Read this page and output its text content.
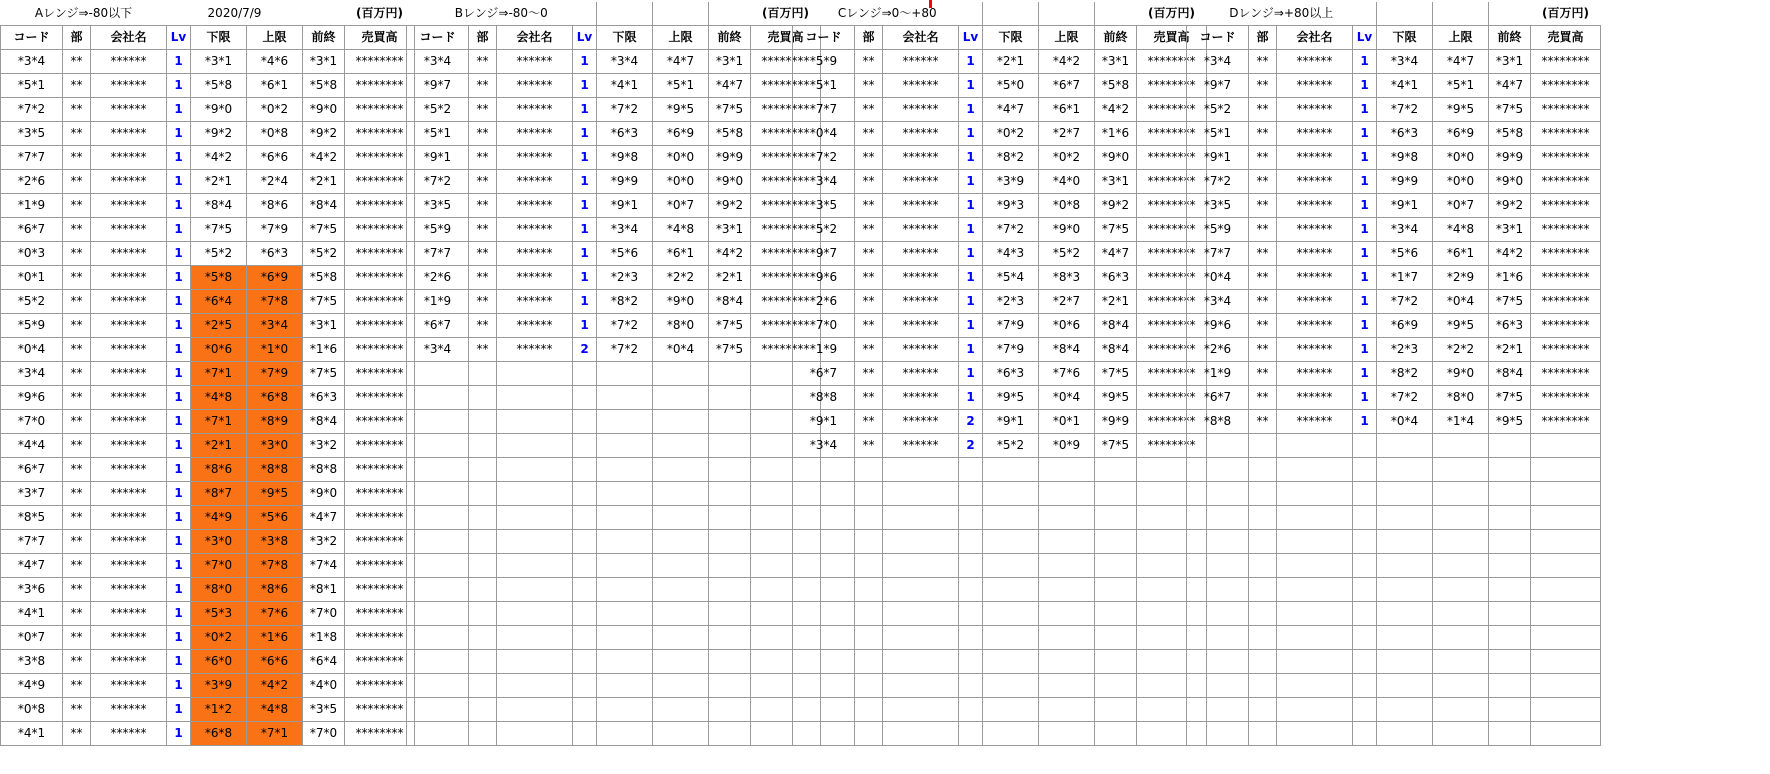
Aレンジ⇒-80以下			2020/7/9				(百万円)
コード	部	会社名	Lv	下限	上限	前終	売買高
*3*4	**	******	1	*3*1	*4*6	*3*1	********
*5*1	**	******	1	*5*8	*6*1	*5*8	********
*7*2	**	******	1	*9*0	*0*2	*9*0	********
*3*5	**	******	1	*9*2	*0*8	*9*2	********
*7*7	**	******	1	*4*2	*6*6	*4*2	********
*2*6	**	******	1	*2*1	*2*4	*2*1	********
*1*9	**	******	1	*8*4	*8*6	*8*4	********
*6*7	**	******	1	*7*5	*7*9	*7*5	********
*0*3	**	******	1	*5*2	*6*3	*5*2	********
*0*1	**	******	1	*5*8	*6*9	*5*8	********
*5*2	**	******	1	*6*4	*7*8	*7*5	********
*5*9	**	******	1	*2*5	*3*4	*3*1	********
*0*4	**	******	1	*0*6	*1*0	*1*6	********
*3*4	**	******	1	*7*1	*7*9	*7*5	********
*9*6	**	******	1	*4*8	*6*8	*6*3	********
*7*0	**	******	1	*7*1	*8*9	*8*4	********
*4*4	**	******	1	*2*1	*3*0	*3*2	********
*6*7	**	******	1	*8*6	*8*8	*8*8	********
*3*7	**	******	1	*8*7	*9*5	*9*0	********
*8*5	**	******	1	*4*9	*5*6	*4*7	********
*7*7	**	******	1	*3*0	*3*8	*3*2	********
*4*7	**	******	1	*7*0	*7*8	*7*4	********
*3*6	**	******	1	*8*0	*8*6	*8*1	********
*4*1	**	******	1	*5*3	*7*6	*7*0	********
*0*7	**	******	1	*0*2	*1*6	*1*8	********
*3*8	**	******	1	*6*0	*6*6	*6*4	********
*4*9	**	******	1	*3*9	*4*2	*4*0	********
*0*8	**	******	1	*1*2	*4*8	*3*5	********
*4*1	**	******	1	*6*8	*7*1	*7*0	********
Bレンジ⇒-80～0							(百万円)
コード	部	会社名	Lv	下限	上限	前終	売買高
*3*4	**	******	1	*3*4	*4*7	*3*1	********
*9*7	**	******	1	*4*1	*5*1	*4*7	********
*5*2	**	******	1	*7*2	*9*5	*7*5	********
*5*1	**	******	1	*6*3	*6*9	*5*8	********
*9*1	**	******	1	*9*8	*0*0	*9*9	********
*7*2	**	******	1	*9*9	*0*0	*9*0	********
*3*5	**	******	1	*9*1	*0*7	*9*2	********
*5*9	**	******	1	*3*4	*4*8	*3*1	********
*7*7	**	******	1	*5*6	*6*1	*4*2	********
*2*6	**	******	1	*2*3	*2*2	*2*1	********
*1*9	**	******	1	*8*2	*9*0	*8*4	********
*6*7	**	******	1	*7*2	*8*0	*7*5	********
*3*4	**	******	2	*7*2	*0*4	*7*5	********

Cレンジ⇒0～+80							(百万円)
コード	部	会社名	Lv	下限	上限	前終	売買高
*5*9	**	******	1	*2*1	*4*2	*3*1	********
*5*1	**	******	1	*5*0	*6*7	*5*8	********
*7*7	**	******	1	*4*7	*6*1	*4*2	********
*0*4	**	******	1	*0*2	*2*7	*1*6	********
*7*2	**	******	1	*8*2	*0*2	*9*0	********
*3*4	**	******	1	*3*9	*4*0	*3*1	********
*3*5	**	******	1	*9*3	*0*8	*9*2	********
*5*2	**	******	1	*7*2	*9*0	*7*5	********
*9*7	**	******	1	*4*3	*5*2	*4*7	********
*9*6	**	******	1	*5*4	*8*3	*6*3	********
*2*6	**	******	1	*2*3	*2*7	*2*1	********
*7*0	**	******	1	*7*9	*0*6	*8*4	********
*1*9	**	******	1	*7*9	*8*4	*8*4	********
*6*7	**	******	1	*6*3	*7*6	*7*5	********
*8*8	**	******	1	*9*5	*0*4	*9*5	********
*9*1	**	******	2	*9*1	*0*1	*9*9	********
*3*4	**	******	2	*5*2	*0*9	*7*5	********

Dレンジ⇒+80以上							(百万円)
コード	部	会社名	Lv	下限	上限	前終	売買高
*3*4	**	******	1	*3*4	*4*7	*3*1	********
*9*7	**	******	1	*4*1	*5*1	*4*7	********
*5*2	**	******	1	*7*2	*9*5	*7*5	********
*5*1	**	******	1	*6*3	*6*9	*5*8	********
*9*1	**	******	1	*9*8	*0*0	*9*9	********
*7*2	**	******	1	*9*9	*0*0	*9*0	********
*3*5	**	******	1	*9*1	*0*7	*9*2	********
*5*9	**	******	1	*3*4	*4*8	*3*1	********
*7*7	**	******	1	*5*6	*6*1	*4*2	********
*0*4	**	******	1	*1*7	*2*9	*1*6	********
*3*4	**	******	1	*7*2	*0*4	*7*5	********
*9*6	**	******	1	*6*9	*9*5	*6*3	********
*2*6	**	******	1	*2*3	*2*2	*2*1	********
*1*9	**	******	1	*8*2	*9*0	*8*4	********
*6*7	**	******	1	*7*2	*8*0	*7*5	********
*8*8	**	******	1	*0*4	*1*4	*9*5	********
